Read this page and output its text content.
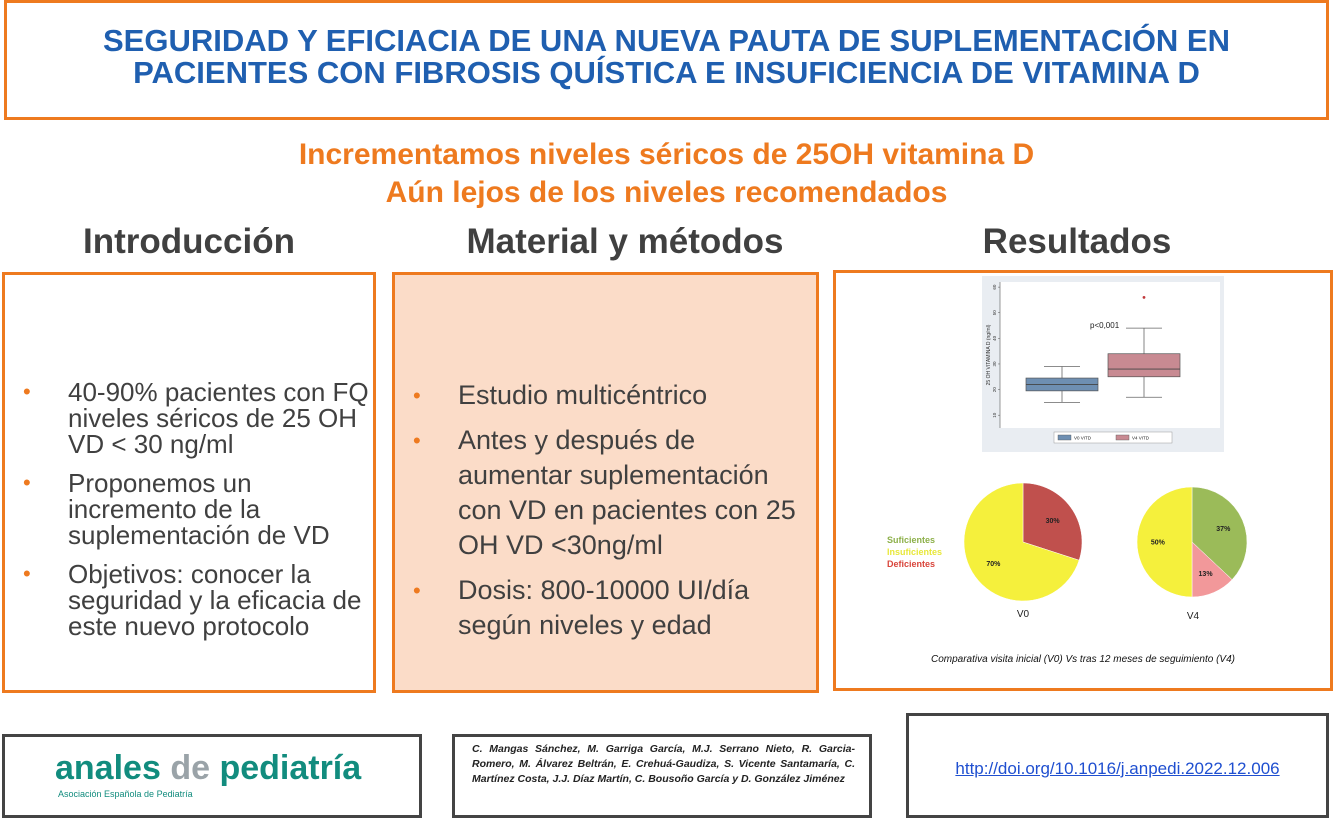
SEGURIDAD Y EFICIACIA DE UNA NUEVA PAUTA DE SUPLEMENTACIÓN EN
PACIENTES CON FIBROSIS QUÍSTICA E INSUFICIENCIA DE VITAMINA D
Incrementamos niveles séricos de 25OH vitamina D
Aún lejos de los niveles recomendados
Introducción	Material y métodos	Resultados
• 40-90% pacientes con FQ niveles séricos de 25 OH VD < 30 ng/ml
• Proponemos un incremento de la suplementación de VD
• Objetivos: conocer la seguridad y la eficacia de este nuevo protocolo
• Estudio multicéntrico
• Antes y después de aumentar suplementación con VD en pacientes con 25 OH VD <30ng/ml
• Dosis: 800-10000 UI/día según niveles y edad
25 OH VITAMINA D (ng/ml)
10
20
30
40
50
60
p<0,001
V0 VITD	V4 VITD
Suficientes
Insuficientes
Deficientes
30%
70%
37%
13%
50%
V0	V4
Comparativa visita inicial (V0) Vs tras 12 meses de seguimiento (V4)
anales de pediatría
Asociación Española de Pediatría
C. Mangas Sánchez, M. Garriga García, M.J. Serrano Nieto, R. Garcia-Romero, M. Álvarez Beltrán, E. Crehuá-Gaudiza, S. Vicente Santamaría, C. Martínez Costa, J.J. Díaz Martín, C. Bousoño García y D. González Jiménez
http://doi.org/10.1016/j.anpedi.2022.12.006
